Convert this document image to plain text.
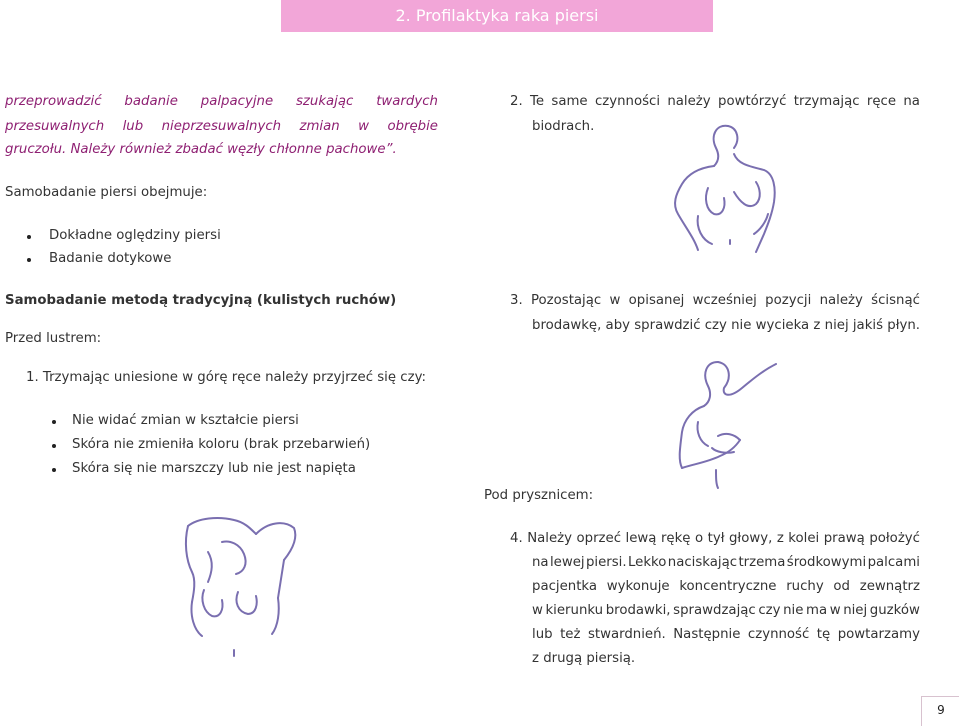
2. Profilaktyka raka piersi
przeprowadzić badanie palpacyjne szukając twardych
przesuwalnych lub nieprzesuwalnych zmian w obrębie
gruczołu. Należy również zbadać węzły chłonne pachowe”.
Samobadanie piersi obejmuje:
Dokładne oględziny piersi
Badanie dotykowe
Samobadanie metodą tradycyjną (kulistych ruchów)
Przed lustrem:
1. Trzymając uniesione w górę ręce należy przyjrzeć się czy:
Nie widać zmian w kształcie piersi
Skóra nie zmieniła koloru (brak przebarwień)
Skóra się nie marszczy lub nie jest napięta
2. Te same czynności należy powtórzyć trzymając ręce na
biodrach.
3. Pozostając w opisanej wcześniej pozycji należy ścisnąć
brodawkę, aby sprawdzić czy nie wycieka z niej jakiś płyn.
Pod prysznicem:
4. Należy oprzeć lewą rękę o tył głowy, z kolei prawą położyć
na lewej piersi. Lekko naciskając trzema środkowymi palcami
pacjentka wykonuje koncentryczne ruchy od zewnątrz
w kierunku brodawki, sprawdzając czy nie ma w niej guzków
lub też stwardnień. Następnie czynność tę powtarzamy
z drugą piersią.
9
